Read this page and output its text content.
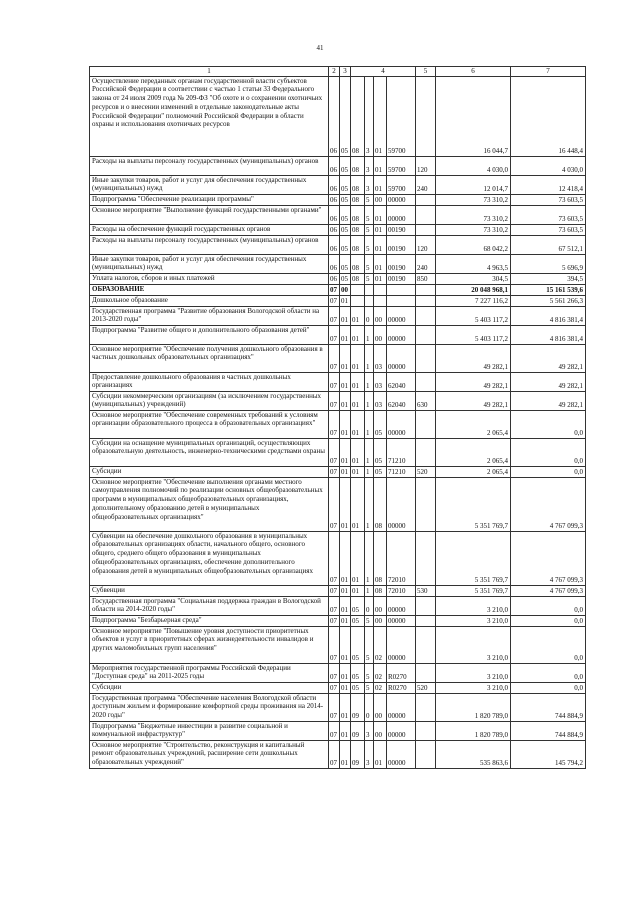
41
1	2	3	4				5	6	7
Осуществление переданных органам государственной власти субъектов Российской Федерации в соответствии с частью 1 статьи 33 Федерального закона от 24 июля 2009 года № 209-ФЗ "Об охоте и о сохранении охотничьих ресурсов и о внесении изменений в отдельные законодательные акты Российской Федерации" полномочий Российской Федерации в области охраны и использования охотничьих ресурсов	06	05	08	3	01	59700		16 044,7	16 448,4
Расходы на выплаты персоналу государственных (муниципальных) органов	06	05	08	3	01	59700	120	4 030,0	4 030,0
Иные закупки товаров, работ и услуг для обеспечения государственных (муниципальных) нужд	06	05	08	3	01	59700	240	12 014,7	12 418,4
Подпрограмма "Обеспечение реализации программы"	06	05	08	5	00	00000		73 310,2	73 603,5
Основное мероприятие "Выполнение функций государственными органами"	06	05	08	5	01	00000		73 310,2	73 603,5
Расходы на обеспечение функций государственных органов	06	05	08	5	01	00190		73 310,2	73 603,5
Расходы на выплаты персоналу государственных (муниципальных) органов	06	05	08	5	01	00190	120	68 042,2	67 512,1
Иные закупки товаров, работ и услуг для обеспечения государственных (муниципальных) нужд	06	05	08	5	01	00190	240	4 963,5	5 696,9
Уплата налогов, сборов и иных платежей	06	05	08	5	01	00190	850	304,5	394,5
ОБРАЗОВАНИЕ	07	00						20 048 968,1	15 161 539,6
Дошкольное образование	07	01						7 227 116,2	5 561 266,3
Государственная программа "Развитие образования Вологодской области на 2013-2020 годы"	07	01	01	0	00	00000		5 403 117,2	4 816 381,4
Подпрограмма "Развитие общего и дополнительного образования детей"	07	01	01	1	00	00000		5 403 117,2	4 816 381,4
Основное мероприятие "Обеспечение получения дошкольного образования в частных дошкольных образовательных организациях"	07	01	01	1	03	00000		49 282,1	49 282,1
Предоставление дошкольного образования в частных дошкольных организациях	07	01	01	1	03	62040		49 282,1	49 282,1
Субсидии некоммерческим организациям (за исключением государственных (муниципальных) учреждений)	07	01	01	1	03	62040	630	49 282,1	49 282,1
Основное мероприятие "Обеспечение современных требований к условиям организации образовательного процесса в образовательных организациях"	07	01	01	1	05	00000		2 065,4	0,0
Субсидии на оснащение муниципальных организаций, осуществляющих образовательную деятельность, инженерно-техническими средствами охраны	07	01	01	1	05	71210		2 065,4	0,0
Субсидии	07	01	01	1	05	71210	520	2 065,4	0,0
Основное мероприятие "Обеспечение выполнения органами местного самоуправления полномочий по реализации основных общеобразовательных программ в муниципальных общеобразовательных организациях, дополнительному образованию детей в муниципальных общеобразовательных организациях"	07	01	01	1	08	00000		5 351 769,7	4 767 099,3
Субвенции на обеспечение дошкольного образования в муниципальных образовательных организациях области, начального общего, основного общего, среднего общего образования в муниципальных общеобразовательных организациях, обеспечение дополнительного образования детей в муниципальных общеобразовательных организациях	07	01	01	1	08	72010		5 351 769,7	4 767 099,3
Субвенции	07	01	01	1	08	72010	530	5 351 769,7	4 767 099,3
Государственная программа "Социальная поддержка граждан в Вологодской области на 2014-2020 годы"	07	01	05	0	00	00000		3 210,0	0,0
Подпрограмма "Безбарьерная среда"	07	01	05	5	00	00000		3 210,0	0,0
Основное мероприятие "Повышение уровня доступности приоритетных объектов и услуг в приоритетных сферах жизнедеятельности инвалидов и других маломобильных групп населения"	07	01	05	5	02	00000		3 210,0	0,0
Мероприятия государственной программы Российской Федерации "Доступная среда" на 2011-2025 годы	07	01	05	5	02	R0270		3 210,0	0,0
Субсидии	07	01	05	5	02	R0270	520	3 210,0	0,0
Государственная программа "Обеспечение населения Вологодской области доступным жильем и формирование комфортной среды проживания на 2014-2020 годы"	07	01	09	0	00	00000		1 820 789,0	744 884,9
Подпрограмма "Бюджетные инвестиции в развитие социальной и коммунальной инфраструктур"	07	01	09	3	00	00000		1 820 789,0	744 884,9
Основное мероприятие "Строительство, реконструкция и капитальный ремонт образовательных учреждений, расширение сети дошкольных образовательных учреждений"	07	01	09	3	01	00000		535 863,6	145 794,2
